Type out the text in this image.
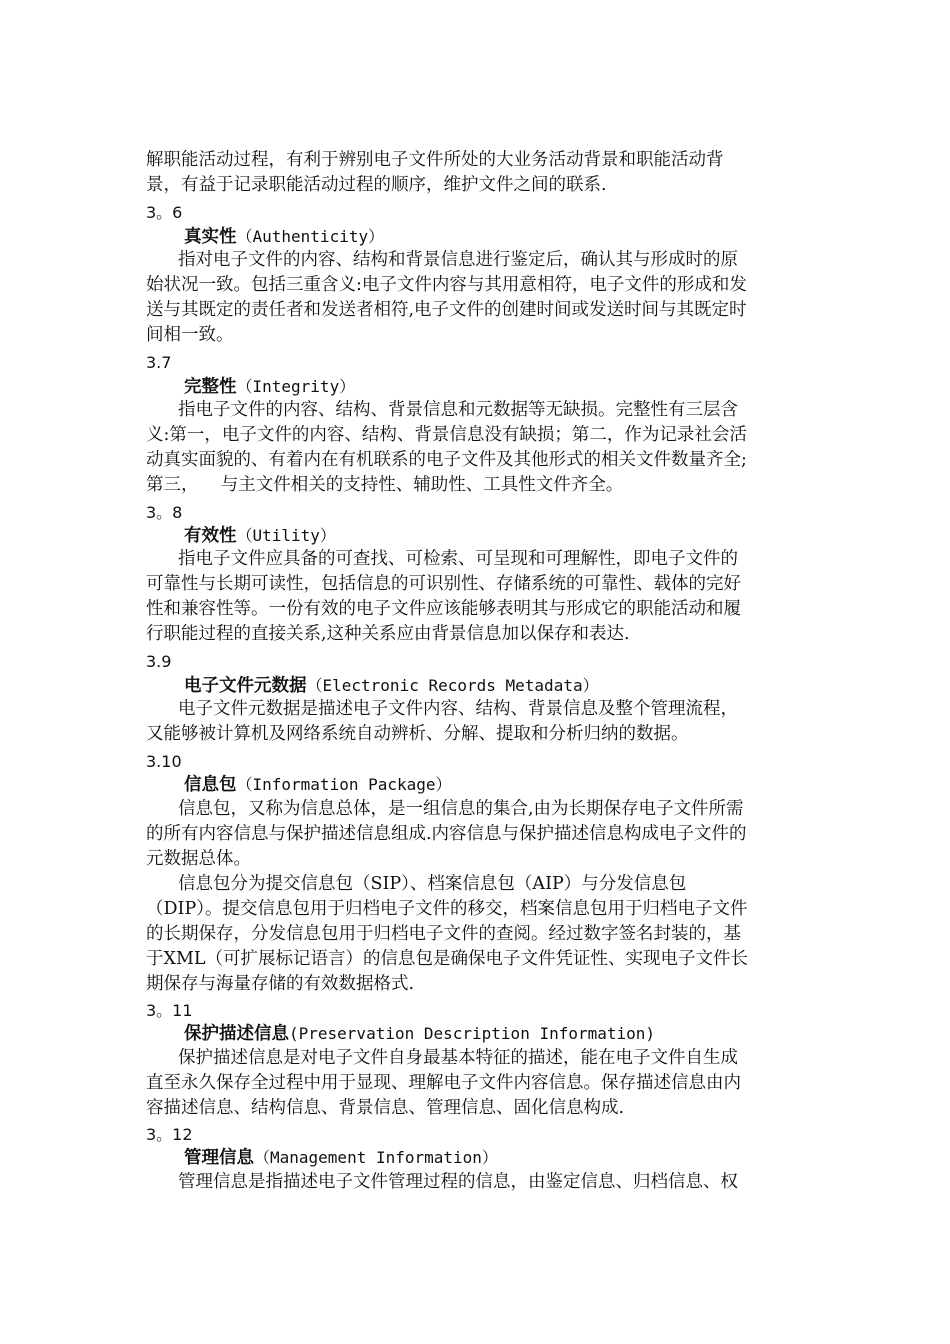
解职能活动过程，有利于辨别电子文件所处的大业务活动背景和职能活动背
景，有益于记录职能活动过程的顺序，维护文件之间的联系.
3。6
真实性（Authenticity）
指对电子文件的内容、结构和背景信息进行鉴定后，确认其与形成时的原
始状况一致。包括三重含义:电子文件内容与其用意相符，电子文件的形成和发
送与其既定的责任者和发送者相符,电子文件的创建时间或发送时间与其既定时
间相一致。
3.7
完整性（Integrity）
指电子文件的内容、结构、背景信息和元数据等无缺损。完整性有三层含
义:第一，电子文件的内容、结构、背景信息没有缺损；第二，作为记录社会活
动真实面貌的、有着内在有机联系的电子文件及其他形式的相关文件数量齐全;
第三，    与主文件相关的支持性、辅助性、工具性文件齐全。
3。8
有效性（Utility）
指电子文件应具备的可查找、可检索、可呈现和可理解性，即电子文件的
可靠性与长期可读性，包括信息的可识别性、存储系统的可靠性、载体的完好
性和兼容性等。一份有效的电子文件应该能够表明其与形成它的职能活动和履
行职能过程的直接关系,这种关系应由背景信息加以保存和表达.
3.9
电子文件元数据（Electronic Records Metadata）
电子文件元数据是描述电子文件内容、结构、背景信息及整个管理流程，
又能够被计算机及网络系统自动辨析、分解、提取和分析归纳的数据。
3.10
信息包（Information Package）
信息包，又称为信息总体，是一组信息的集合,由为长期保存电子文件所需
的所有内容信息与保护描述信息组成.内容信息与保护描述信息构成电子文件的
元数据总体。
信息包分为提交信息包（SIP）、档案信息包（AIP）与分发信息包
（DIP）。提交信息包用于归档电子文件的移交，档案信息包用于归档电子文件
的长期保存，分发信息包用于归档电子文件的查阅。经过数字签名封装的，基
于XML（可扩展标记语言）的信息包是确保电子文件凭证性、实现电子文件长
期保存与海量存储的有效数据格式.
3。11
保护描述信息(Preservation Description Information)
保护描述信息是对电子文件自身最基本特征的描述，能在电子文件自生成
直至永久保存全过程中用于显现、理解电子文件内容信息。保存描述信息由内
容描述信息、结构信息、背景信息、管理信息、固化信息构成.
3。12
管理信息（Management Information）
管理信息是指描述电子文件管理过程的信息，由鉴定信息、归档信息、权
